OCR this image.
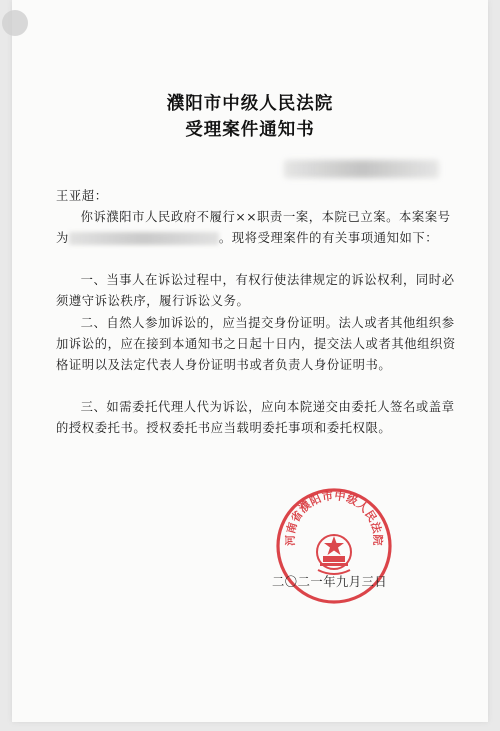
濮阳市中级人民法院
受理案件通知书
王亚超：
你诉濮阳市人民政府不履行××职责一案，本院已立案。本案案号为	。现将受理案件的有关事项通知如下：
一、当事人在诉讼过程中，有权行使法律规定的诉讼权利，同时必须遵守诉讼秩序，履行诉讼义务。
二、自然人参加诉讼的，应当提交身份证明。法人或者其他组织参加诉讼的，应在接到本通知书之日起十日内，提交法人或者其他组织资格证明以及法定代表人身份证明书或者负责人身份证明书。
三、如需委托代理人代为诉讼，应向本院递交由委托人签名或盖章的授权委托书。授权委托书应当载明委托事项和委托权限。
河南省濮阳市中级人民法院
二〇二一年九月三日
